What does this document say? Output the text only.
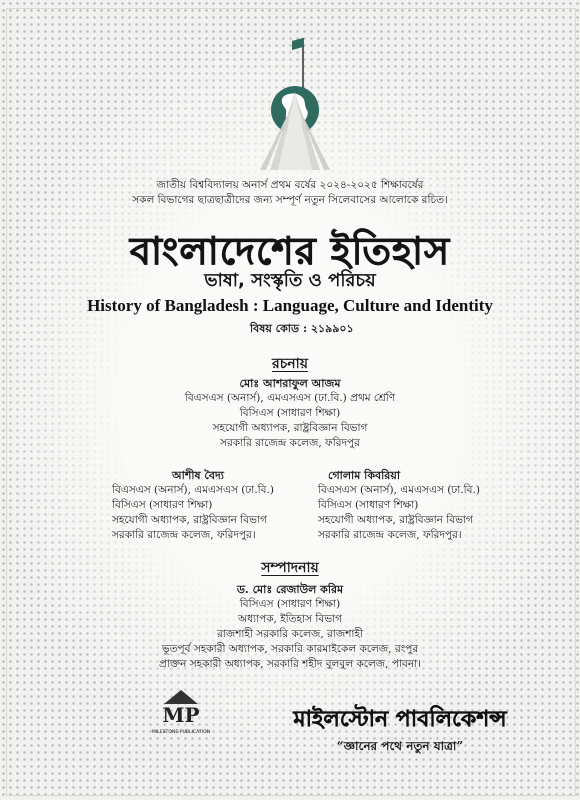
জাতীয় বিশ্ববিদ্যালয় অনার্স প্রথম বর্ষের ২০২৪-২০২৫ শিক্ষাবর্ষের
সকল বিভাগের ছাত্রছাত্রীদের জন্য সম্পূর্ণ নতুন সিলেবাসের আলোকে রচিত।
বাংলাদেশের ইতিহাস
ভাষা, সংস্কৃতি ও পরিচয়
History of Bangladesh : Language, Culture and Identity
বিষয় কোড : ২১৯৯০১
রচনায়
মোঃ আশরাফুল আজম
বিএসএস (অনার্স), এমএসএস (ঢা.বি.) প্রথম শ্রেণি
বিসিএস (সাধারণ শিক্ষা)
সহযোগী অধ্যাপক, রাষ্ট্রবিজ্ঞান বিভাগ
সরকারি রাজেন্দ্র কলেজ, ফরিদপুর
আশীষ বৈদ্য
বিএসএস (অনার্স), এমএসএস (ঢা.বি.)
বিসিএস (সাধারণ শিক্ষা)
সহযোগী অধ্যাপক, রাষ্ট্রবিজ্ঞান বিভাগ
সরকারি রাজেন্দ্র কলেজ, ফরিদপুর।
গোলাম কিবরিয়া
বিএসএস (অনার্স), এমএসএস (ঢা.বি.)
বিসিএস (সাধারণ শিক্ষা)
সহযোগী অধ্যাপক, রাষ্ট্রবিজ্ঞান বিভাগ
সরকারি রাজেন্দ্র কলেজ, ফরিদপুর।
সম্পাদনায়
ড. মোঃ রেজাউল করিম
বিসিএস (সাধারণ শিক্ষা)
অধ্যাপক, ইতিহাস বিভাগ
রাজশাহী সরকারি কলেজ, রাজশাহী
ভূতপূর্ব সহকারী অধ্যাপক, সরকারি কারমাইকেল কলেজ, রংপুর
প্রাক্তন সহকারী অধ্যাপক, সরকারি শহীদ বুলবুল কলেজ, পাবনা।
MP
MILESTONE PUBLICATION
মাইলস্টোন পাবলিকেশন্স
“জ্ঞানের পথে নতুন যাত্রা”
